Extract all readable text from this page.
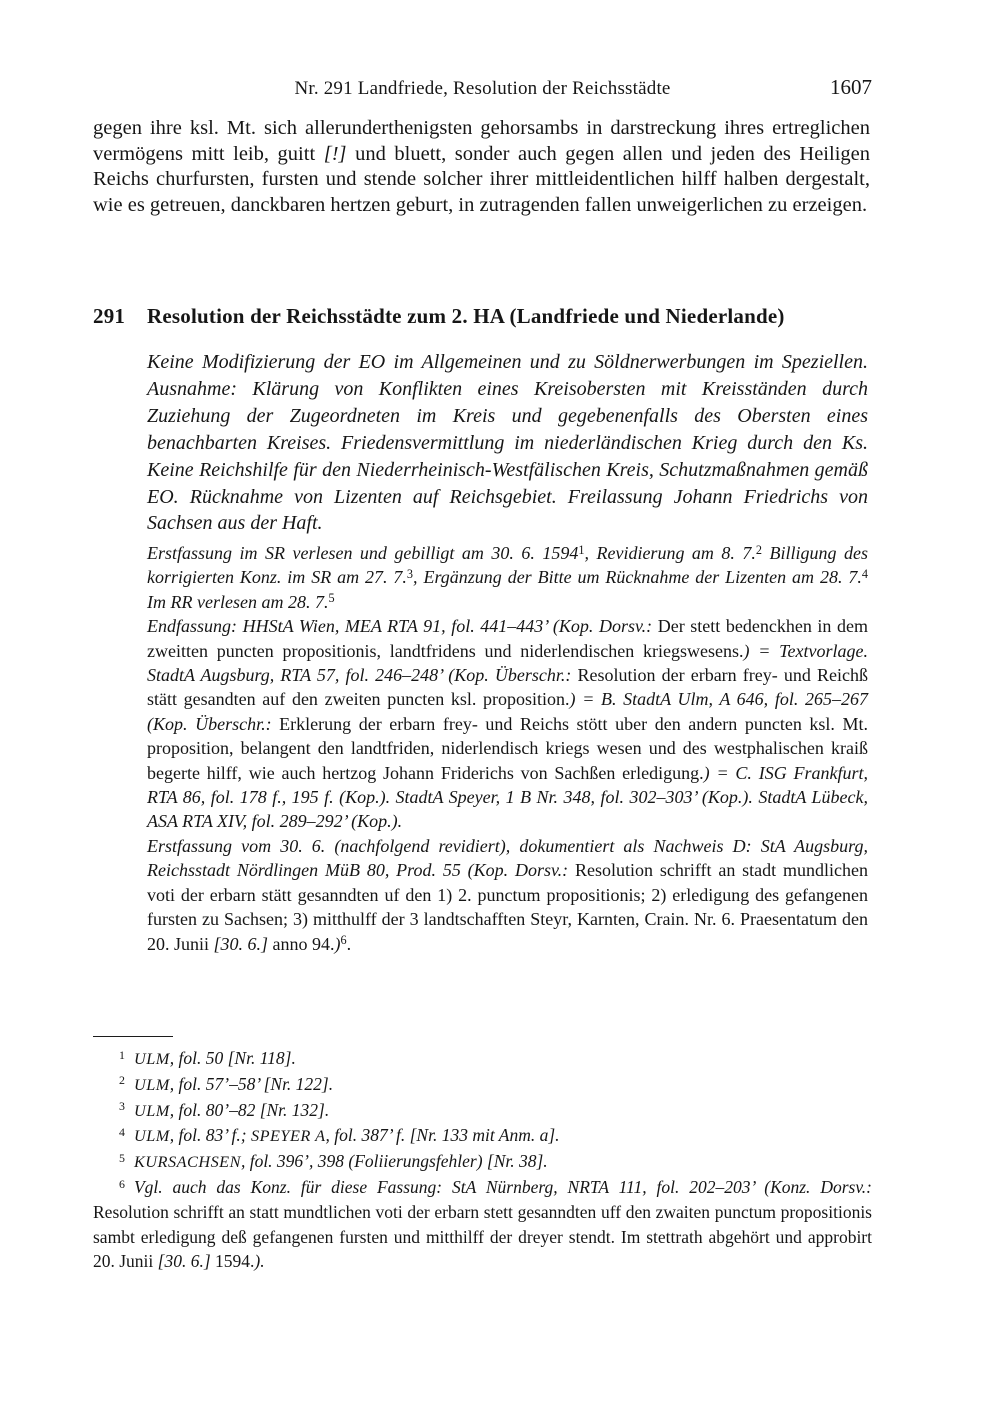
Nr. 291 Landfriede, Resolution der Reichsstädte	1607

gegen ihre ksl. Mt. sich allerunderthenigsten gehorsambs in darstreckung ihres ertreglichen vermögens mitt leib, guitt [!] und bluett, sonder auch gegen allen und jeden des Heiligen Reichs churfursten, fursten und stende solcher ihrer mittleidentlichen hilff halben dergestalt, wie es getreuen, danckbaren hertzen geburt, in zutragenden fallen unweigerlichen zu erzeigen.

291	Resolution der Reichsstädte zum 2. HA (Landfriede und Niederlande)

Keine Modifizierung der EO im Allgemeinen und zu Söldnerwerbungen im Speziellen. Ausnahme: Klärung von Konflikten eines Kreisobersten mit Kreisständen durch Zuziehung der Zugeordneten im Kreis und gegebenenfalls des Obersten eines benachbarten Kreises. Friedensvermittlung im niederländischen Krieg durch den Ks. Keine Reichshilfe für den Niederrheinisch-Westfälischen Kreis, Schutzmaßnahmen gemäß EO. Rücknahme von Lizenten auf Reichsgebiet. Freilassung Johann Friedrichs von Sachsen aus der Haft.

Erstfassung im SR verlesen und gebilligt am 30. 6. 1594$^1$, Revidierung am 8. 7.$^2$ Billigung des korrigierten Konz. im SR am 27. 7.$^3$, Ergänzung der Bitte um Rücknahme der Lizenten am 28. 7.$^4$ Im RR verlesen am 28. 7.$^5$

Endfassung: HHStA Wien, MEA RTA 91, fol. 441–443’ (Kop. Dorsv.: Der stett bedenckhen in dem zweitten puncten propositionis, landtfridens und niderlendischen kriegswesens.) = Textvorlage. StadtA Augsburg, RTA 57, fol. 246–248’ (Kop. Überschr.: Resolution der erbarn frey- und Reichß stätt gesandten auf den zweiten puncten ksl. proposition.) = B. StadtA Ulm, A 646, fol. 265–267 (Kop. Überschr.: Erklerung der erbarn frey- und Reichs stött uber den andern puncten ksl. Mt. proposition, belangent den landtfriden, niderlendisch kriegs wesen und des westphalischen kraiß begerte hilff, wie auch hertzog Johann Friderichs von Sachßen erledigung.) = C. ISG Frankfurt, RTA 86, fol. 178 f., 195 f. (Kop.). StadtA Speyer, 1 B Nr. 348, fol. 302–303’ (Kop.). StadtA Lübeck, ASA RTA XIV, fol. 289–292’ (Kop.).

Erstfassung vom 30. 6. (nachfolgend revidiert), dokumentiert als Nachweis D: StA Augsburg, Reichsstadt Nördlingen MüB 80, Prod. 55 (Kop. Dorsv.: Resolution schrifft an stadt mundlichen voti der erbarn stätt gesanndten uf den 1) 2. punctum propositionis; 2) erledigung des gefangenen fursten zu Sachsen; 3) mitthulff der 3 landtschafften Steyr, Karnten, Crain. Nr. 6. Praesentatum den 20. Junii [30. 6.] anno 94.)$^6$.

$^1$ ULM, fol. 50 [Nr. 118].

$^2$ ULM, fol. 57’–58’ [Nr. 122].

$^3$ ULM, fol. 80’–82 [Nr. 132].

$^4$ ULM, fol. 83’ f.; SPEYER A, fol. 387’ f. [Nr. 133 mit Anm. a].

$^5$ KURSACHSEN, fol. 396’, 398 (Foliierungsfehler) [Nr. 38].

$^6$ Vgl. auch das Konz. für diese Fassung: StA Nürnberg, NRTA 111, fol. 202–203’ (Konz. Dorsv.: Resolution schrifft an statt mundtlichen voti der erbarn stett gesanndten uff den zwaiten punctum propositionis sambt erledigung deß gefangenen fursten und mitthilff der dreyer stendt. Im stettrath abgehört und approbirt 20. Junii [30. 6.] 1594.).
